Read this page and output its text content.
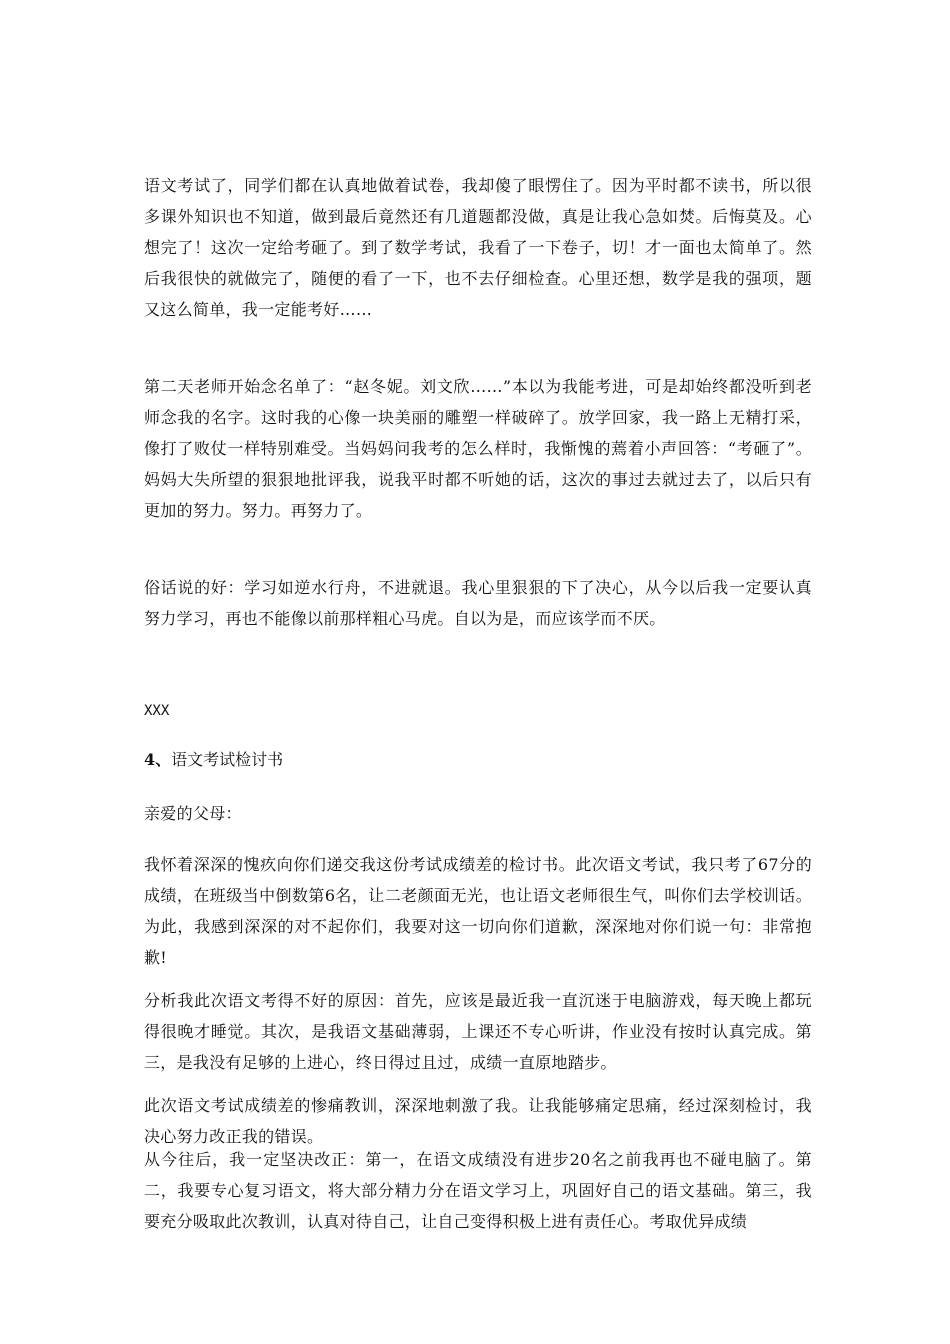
语文考试了，同学们都在认真地做着试卷，我却傻了眼愣住了。因为平时都不读书，所以很多课外知识也不知道，做到最后竟然还有几道题都没做，真是让我心急如焚。后悔莫及。心想完了！这次一定给考砸了。到了数学考试，我看了一下卷子，切！才一面也太简单了。然后我很快的就做完了，随便的看了一下，也不去仔细检查。心里还想，数学是我的强项，题又这么简单，我一定能考好……

第二天老师开始念名单了：“赵冬妮。刘文欣……”本以为我能考进，可是却始终都没听到老师念我的名字。这时我的心像一块美丽的雕塑一样破碎了。放学回家，我一路上无精打采，像打了败仗一样特别难受。当妈妈问我考的怎么样时，我惭愧的蔫着小声回答：“考砸了”。妈妈大失所望的狠狠地批评我，说我平时都不听她的话，这次的事过去就过去了，以后只有更加的努力。努力。再努力了。

俗话说的好：学习如逆水行舟，不进就退。我心里狠狠的下了决心，从今以后我一定要认真努力学习，再也不能像以前那样粗心马虎。自以为是，而应该学而不厌。

XXX

4、语文考试检讨书

亲爱的父母：

我怀着深深的愧疚向你们递交我这份考试成绩差的检讨书。此次语文考试，我只考了67分的成绩，在班级当中倒数第6名，让二老颜面无光，也让语文老师很生气，叫你们去学校训话。为此，我感到深深的对不起你们，我要对这一切向你们道歉，深深地对你们说一句：非常抱歉!

分析我此次语文考得不好的原因：首先，应该是最近我一直沉迷于电脑游戏，每天晚上都玩得很晚才睡觉。其次，是我语文基础薄弱，上课还不专心听讲，作业没有按时认真完成。第三，是我没有足够的上进心，终日得过且过，成绩一直原地踏步。

此次语文考试成绩差的惨痛教训，深深地刺激了我。让我能够痛定思痛，经过深刻检讨，我决心努力改正我的错误。

从今往后，我一定坚决改正：第一，在语文成绩没有进步20名之前我再也不碰电脑了。第二，我要专心复习语文，将大部分精力分在语文学习上，巩固好自己的语文基础。第三，我要充分吸取此次教训，认真对待自己，让自己变得积极上进有责任心。考取优异成绩
